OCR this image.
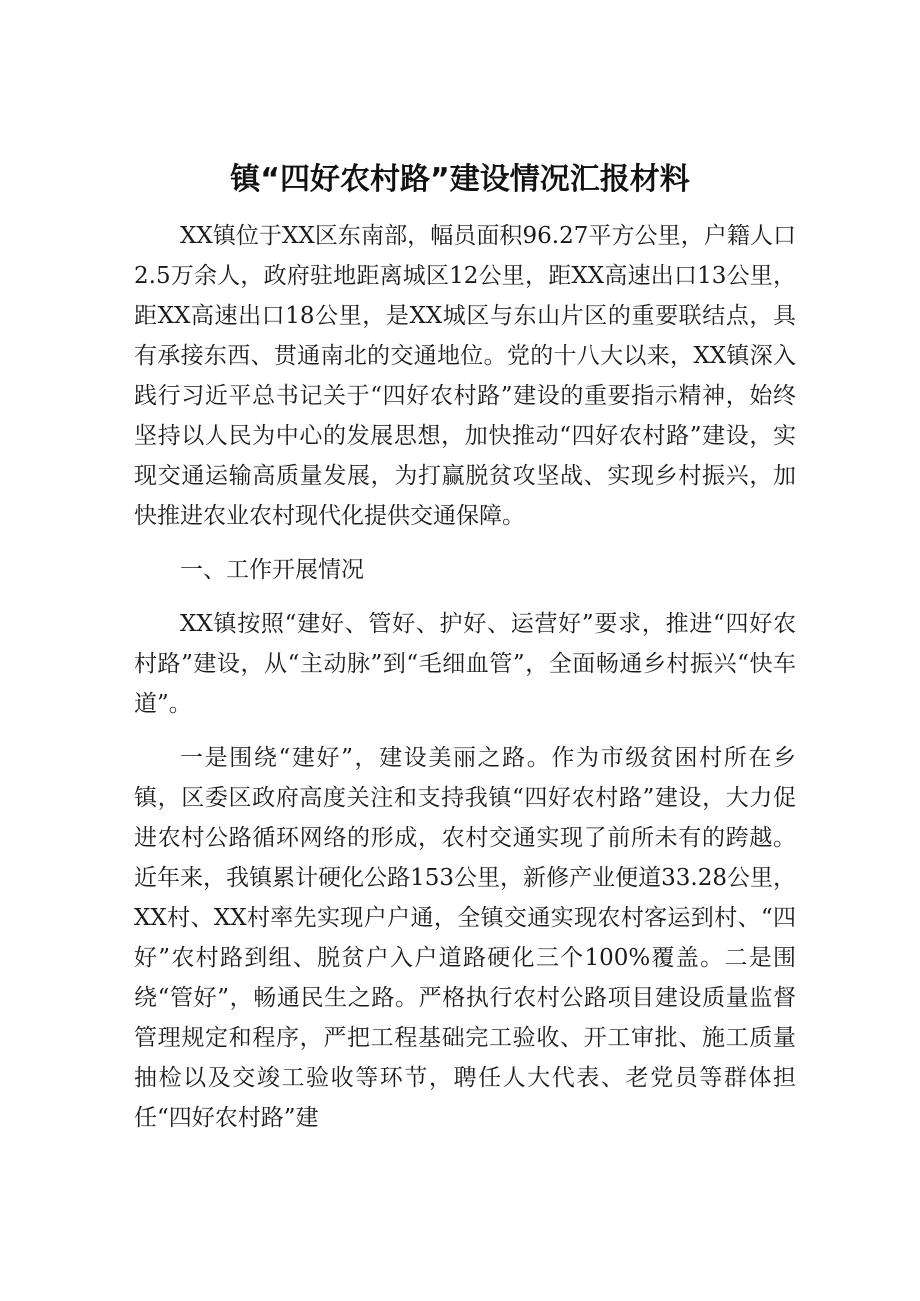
镇“四好农村路”建设情况汇报材料

XX镇位于XX区东南部，幅员面积96.27平方公里，户籍人口2.5万余人，政府驻地距离城区12公里，距XX高速出口13公里，距XX高速出口18公里，是XX城区与东山片区的重要联结点，具有承接东西、贯通南北的交通地位。党的十八大以来，XX镇深入践行习近平总书记关于“四好农村路”建设的重要指示精神，始终坚持以人民为中心的发展思想，加快推动“四好农村路”建设，实现交通运输高质量发展，为打赢脱贫攻坚战、实现乡村振兴，加快推进农业农村现代化提供交通保障。

一、工作开展情况

XX镇按照“建好、管好、护好、运营好”要求，推进“四好农村路”建设，从“主动脉”到“毛细血管”，全面畅通乡村振兴“快车道”。

一是围绕“建好”，建设美丽之路。作为市级贫困村所在乡镇，区委区政府高度关注和支持我镇“四好农村路”建设，大力促进农村公路循环网络的形成，农村交通实现了前所未有的跨越。近年来，我镇累计硬化公路153公里，新修产业便道33.28公里，XX村、XX村率先实现户户通，全镇交通实现农村客运到村、“四好”农村路到组、脱贫户入户道路硬化三个100%覆盖。二是围绕“管好”，畅通民生之路。严格执行农村公路项目建设质量监督管理规定和程序，严把工程基础完工验收、开工审批、施工质量抽检以及交竣工验收等环节，聘任人大代表、老党员等群体担任“四好农村路”建
